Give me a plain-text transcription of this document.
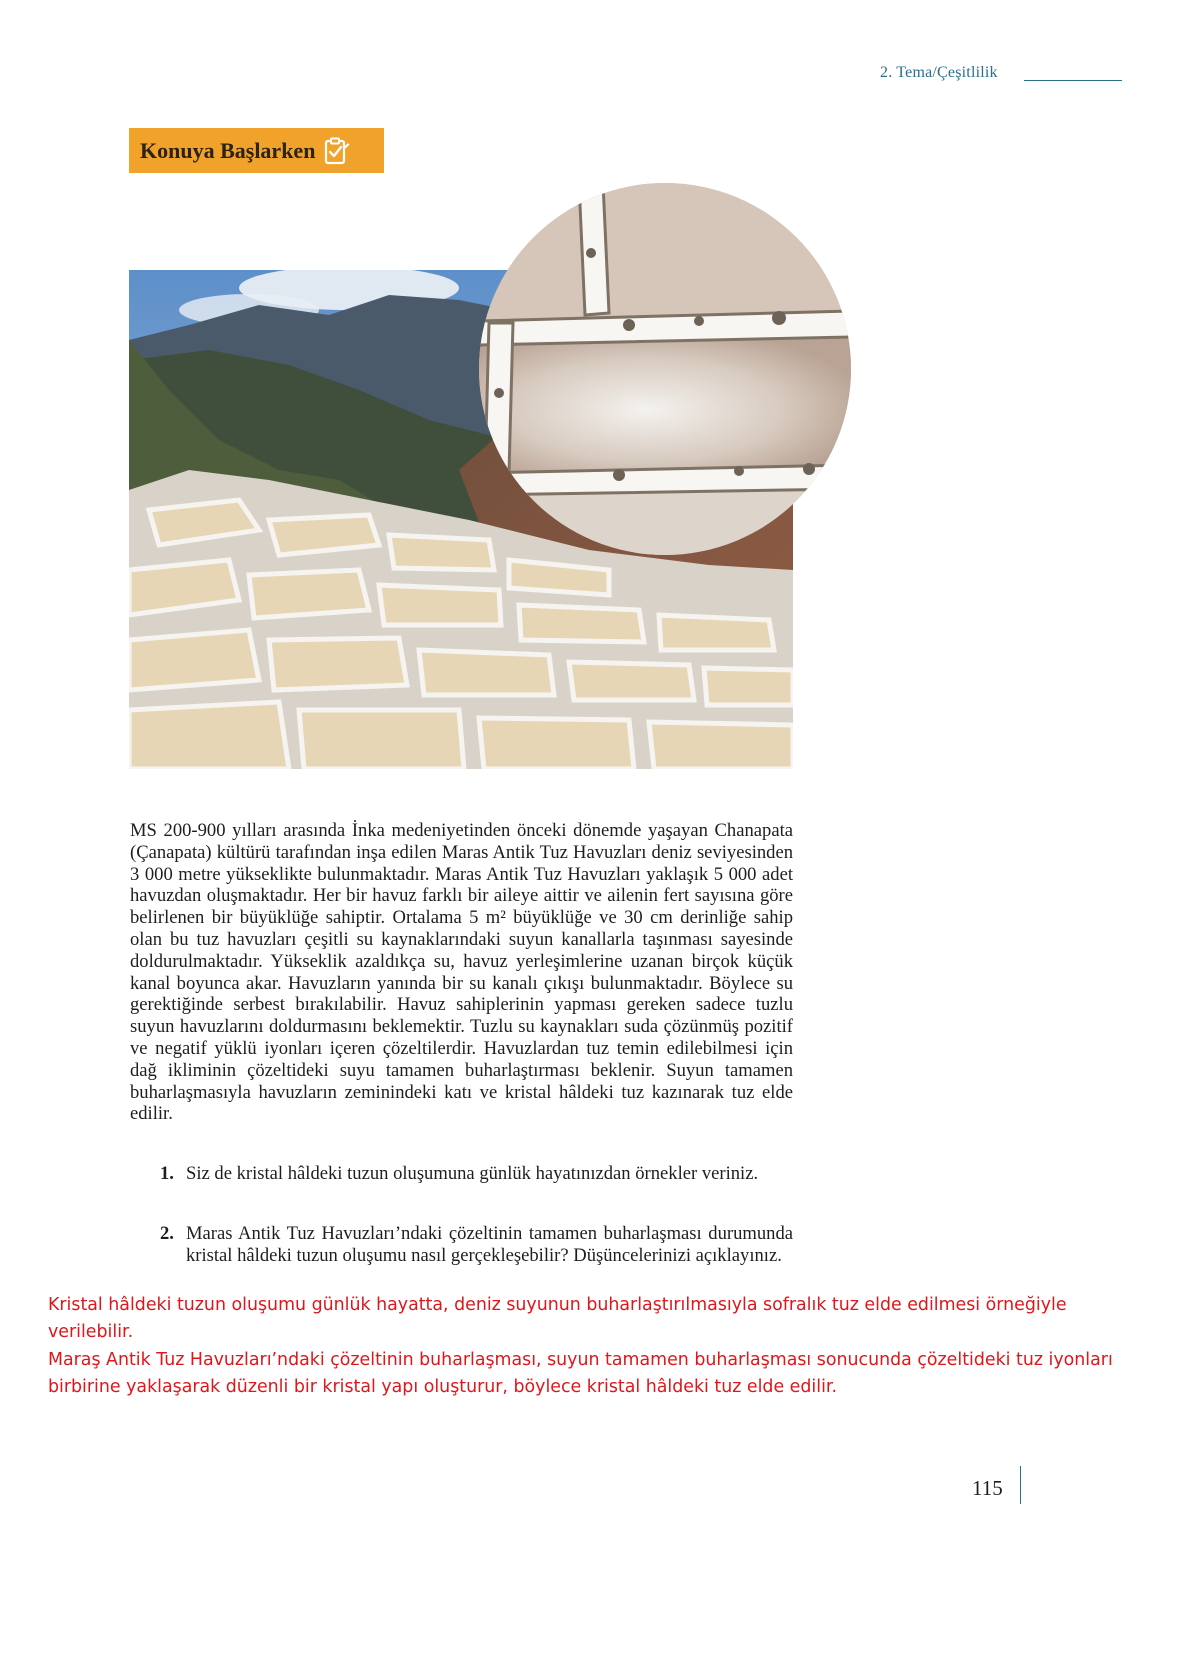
2. Tema/Çeşitlilik
Konuya Başlarken

MS 200-900 yılları arasında İnka medeniyetinden önceki dönemde yaşayan Chanapata (Çanapata) kültürü tarafından inşa edilen Maras Antik Tuz Havuzları deniz seviyesinden 3 000 metre yükseklikte bulunmaktadır. Maras Antik Tuz Havuzları yaklaşık 5 000 adet havuzdan oluşmaktadır. Her bir havuz farklı bir aileye aittir ve ailenin fert sayısına göre belirlenen bir büyüklüğe sahiptir. Ortalama 5 m² büyüklüğe ve 30 cm derinliğe sahip olan bu tuz havuzları çeşitli su kaynaklarındaki suyun kanallarla taşınması sayesinde doldurulmaktadır. Yükseklik azaldıkça su, havuz yerleşimlerine uzanan birçok küçük kanal boyunca akar. Havuzların yanında bir su kanalı çıkışı bulunmaktadır. Böylece su gerektiğinde serbest bırakılabilir. Havuz sahiplerinin yapması gereken sadece tuzlu suyun havuzlarını doldurmasını beklemektir. Tuzlu su kaynakları suda çözünmüş pozitif ve negatif yüklü iyonları içeren çözeltilerdir. Havuzlardan tuz temin edilebilmesi için dağ ikliminin çözeltideki suyu tamamen buharlaştırması beklenir. Suyun tamamen buharlaşmasıyla havuzların zeminindeki katı ve kristal hâldeki tuz kazınarak tuz elde edilir.

1. Siz de kristal hâldeki tuzun oluşumuna günlük hayatınızdan örnekler veriniz.
2. Maras Antik Tuz Havuzları’ndaki çözeltinin tamamen buharlaşması durumunda kristal hâldeki tuzun oluşumu nasıl gerçekleşebilir? Düşüncelerinizi açıklayınız.

Kristal hâldeki tuzun oluşumu günlük hayatta, deniz suyunun buharlaştırılmasıyla sofralık tuz elde edilmesi örneğiyle verilebilir.

Maraş Antik Tuz Havuzları’ndaki çözeltinin buharlaşması, suyun tamamen buharlaşması sonucunda çözeltideki tuz iyonları birbirine yaklaşarak düzenli bir kristal yapı oluşturur, böylece kristal hâldeki tuz elde edilir.

115
